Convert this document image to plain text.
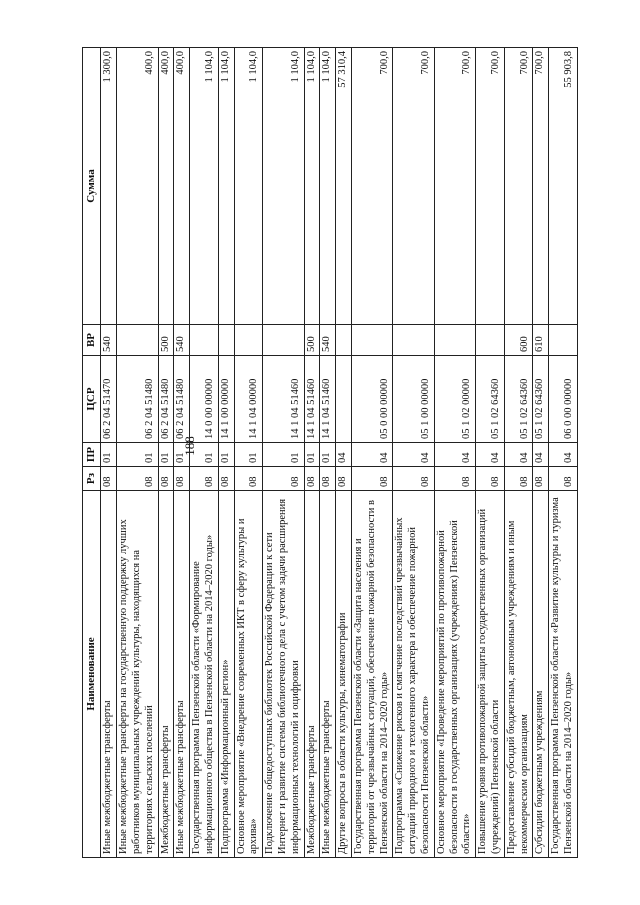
188
Наименование	Рз	ПР	ЦСР	ВР	Сумма
Иные межбюджетные трансферты	08	01	06 2 04 51470	540	1 300,0
Иные межбюджетные трансферты на государственную поддержку лучших работников муниципальных учреждений культуры, находящихся на территориях сельских поселений	08	01	06 2 04 51480		400,0
Межбюджетные трансферты	08	01	06 2 04 51480	500	400,0
Иные межбюджетные трансферты	08	01	06 2 04 51480	540	400,0
Государственная программа Пензенской области «Формирование информационного общества в Пензенской области на 2014–2020 годы»	08	01	14 0 00 00000		1 104,0
Подпрограмма «Информационный регион»	08	01	14 1 00 00000		1 104,0
Основное мероприятие «Внедрение современных ИКТ в сферу культуры и архива»	08	01	14 1 04 00000		1 104,0
Подключение общедоступных библиотек Российской Федерации к сети Интернет и развитие системы библиотечного дела с учетом задачи расширения информационных технологий и оцифровки	08	01	14 1 04 51460		1 104,0
Межбюджетные трансферты	08	01	14 1 04 51460	500	1 104,0
Иные межбюджетные трансферты	08	01	14 1 04 51460	540	1 104,0
Другие вопросы в области культуры, кинематографии	08	04			57 310,4
Государственная программа Пензенской области «Защита населения и территорий от чрезвычайных ситуаций, обеспечение пожарной безопасности в Пензенской области на 2014–2020 годы»	08	04	05 0 00 00000		700,0
Подпрограмма «Снижение рисков и смягчение последствий чрезвычайных ситуаций природного и техногенного характера и обеспечение пожарной безопасности Пензенской области»	08	04	05 1 00 00000		700,0
Основное мероприятие «Проведение мероприятий по противопожарной безопасности в государственных организациях (учреждениях) Пензенской области»	08	04	05 1 02 00000		700,0
Повышение уровня противопожарной защиты государственных организаций (учреждений) Пензенской области	08	04	05 1 02 64360		700,0
Предоставление субсидий бюджетным, автономным учреждениям и иным некоммерческим организациям	08	04	05 1 02 64360	600	700,0
Субсидии бюджетным учреждениям	08	04	05 1 02 64360	610	700,0
Государственная программа Пензенской области «Развитие культуры и туризма Пензенской области на 2014–2020 годы»	08	04	06 0 00 00000		55 903,8
